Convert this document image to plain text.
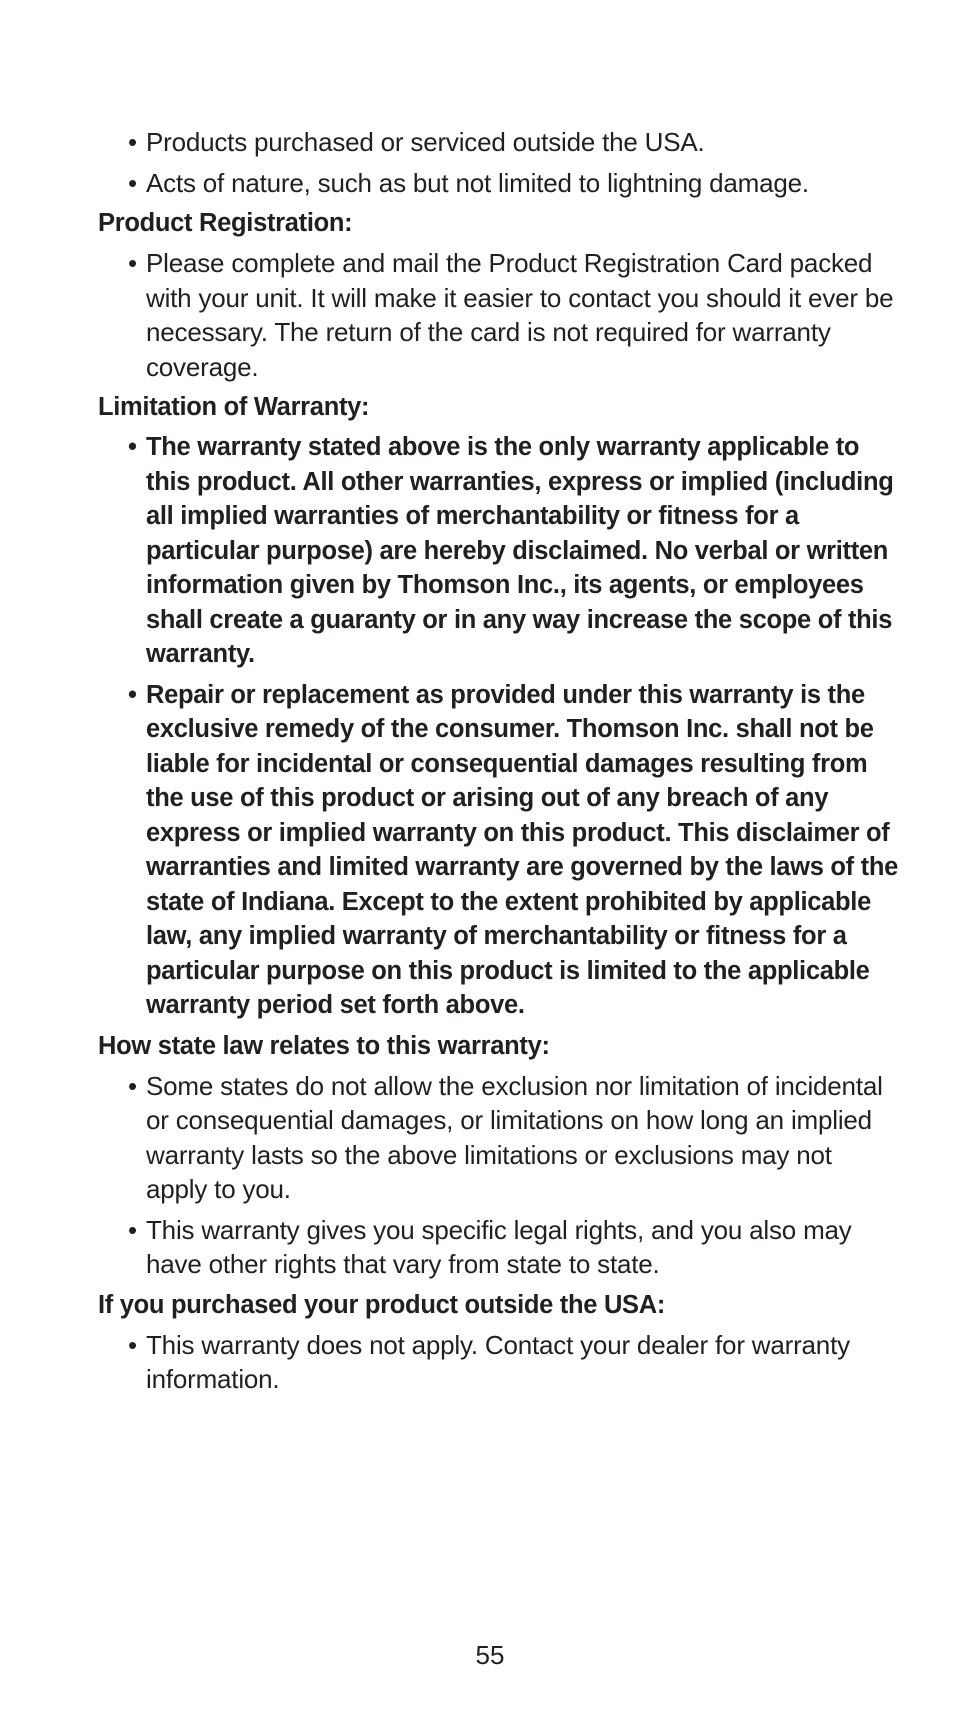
• Products purchased or serviced outside the USA.
• Acts of nature, such as but not limited to lightning damage.
Product Registration:
• Please complete and mail the Product Registration Card packed with your unit. It will make it easier to contact you should it ever be necessary. The return of the card is not required for warranty coverage.
Limitation of Warranty:
• The warranty stated above is the only warranty applicable to this product. All other warranties, express or implied (including all implied warranties of merchantability or fitness for a particular purpose) are hereby disclaimed. No verbal or written information given by Thomson Inc., its agents, or employees shall create a guaranty or in any way increase the scope of this warranty.
• Repair or replacement as provided under this warranty is the exclusive remedy of the consumer. Thomson Inc. shall not be liable for incidental or consequential damages resulting from the use of this product or arising out of any breach of any express or implied warranty on this product. This disclaimer of warranties and limited warranty are governed by the laws of the state of Indiana. Except to the extent prohibited by applicable law, any implied warranty of merchantability or fitness for a particular purpose on this product is limited to the applicable warranty period set forth above.
How state law relates to this warranty:
• Some states do not allow the exclusion nor limitation of incidental or consequential damages, or limitations on how long an implied warranty lasts so the above limitations or exclusions may not apply to you.
• This warranty gives you specific legal rights, and you also may have other rights that vary from state to state.
If you purchased your product outside the USA:
• This warranty does not apply. Contact your dealer for warranty information.
55
